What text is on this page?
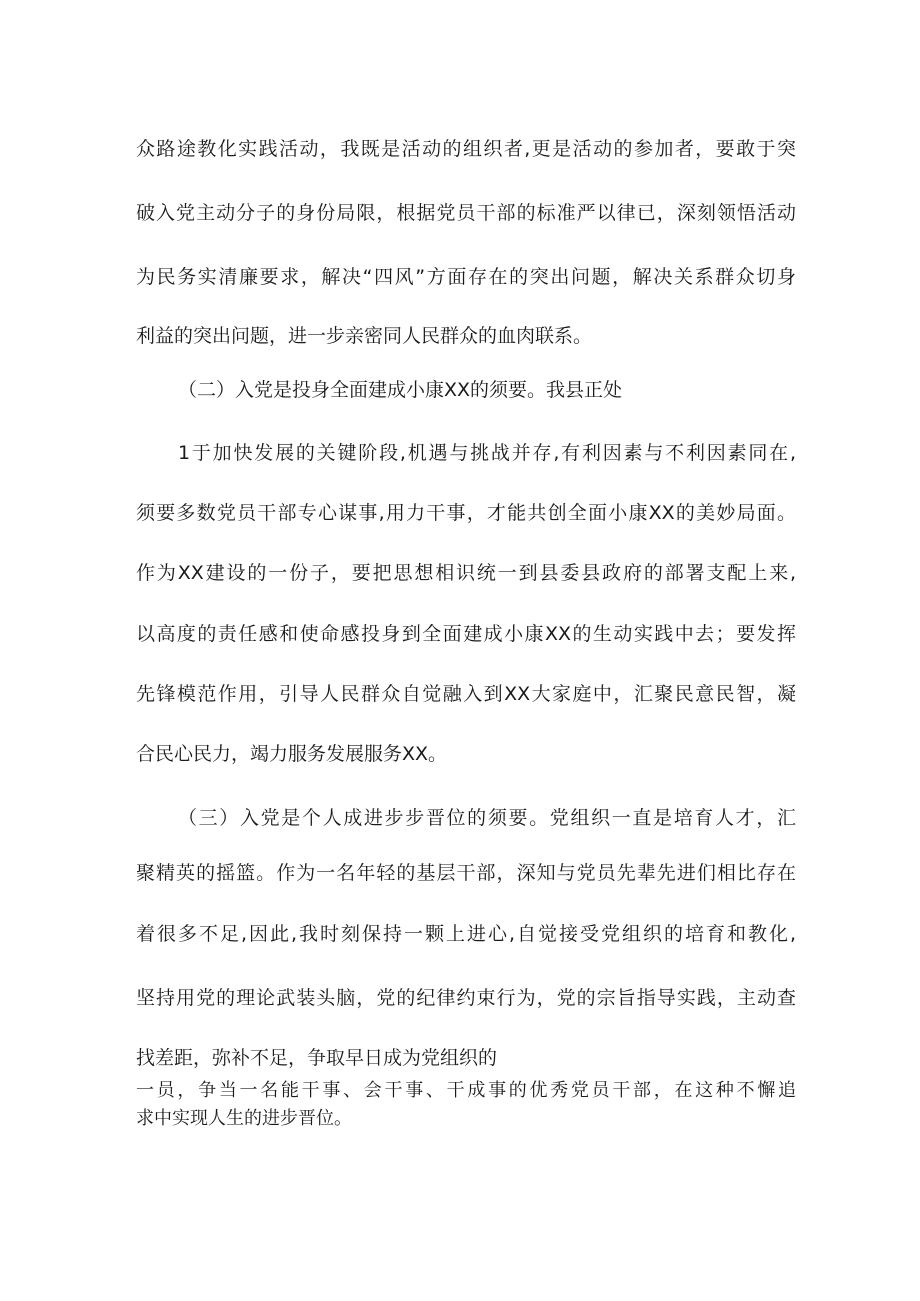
众路途教化实践活动，我既是活动的组织者,更是活动的参加者，要敢于突
破入党主动分子的身份局限，根据党员干部的标准严以律已，深刻领悟活动
为民务实清廉要求，解决“四风”方面存在的突出问题，解决关系群众切身
利益的突出问题，进一步亲密同人民群众的血肉联系。
（二）入党是投身全面建成小康XX的须要。我县正处
1于加快发展的关键阶段,机遇与挑战并存,有利因素与不利因素同在,
须要多数党员干部专心谋事,用力干事，才能共创全面小康XX的美妙局面。
作为XX建设的一份子，要把思想相识统一到县委县政府的部署支配上来,
以高度的责任感和使命感投身到全面建成小康XX的生动实践中去；要发挥
先锋模范作用，引导人民群众自觉融入到XX大家庭中，汇聚民意民智，凝
合民心民力，竭力服务发展服务XX。
（三）入党是个人成进步步晋位的须要。党组织一直是培育人才，汇
聚精英的摇篮。作为一名年轻的基层干部，深知与党员先辈先进们相比存在
着很多不足,因此,我时刻保持一颗上进心,自觉接受党组织的培育和教化,
坚持用党的理论武装头脑，党的纪律约束行为，党的宗旨指导实践，主动查
找差距，弥补不足，争取早日成为党组织的
一员，争当一名能干事、会干事、干成事的优秀党员干部，在这种不懈追
求中实现人生的进步晋位。
